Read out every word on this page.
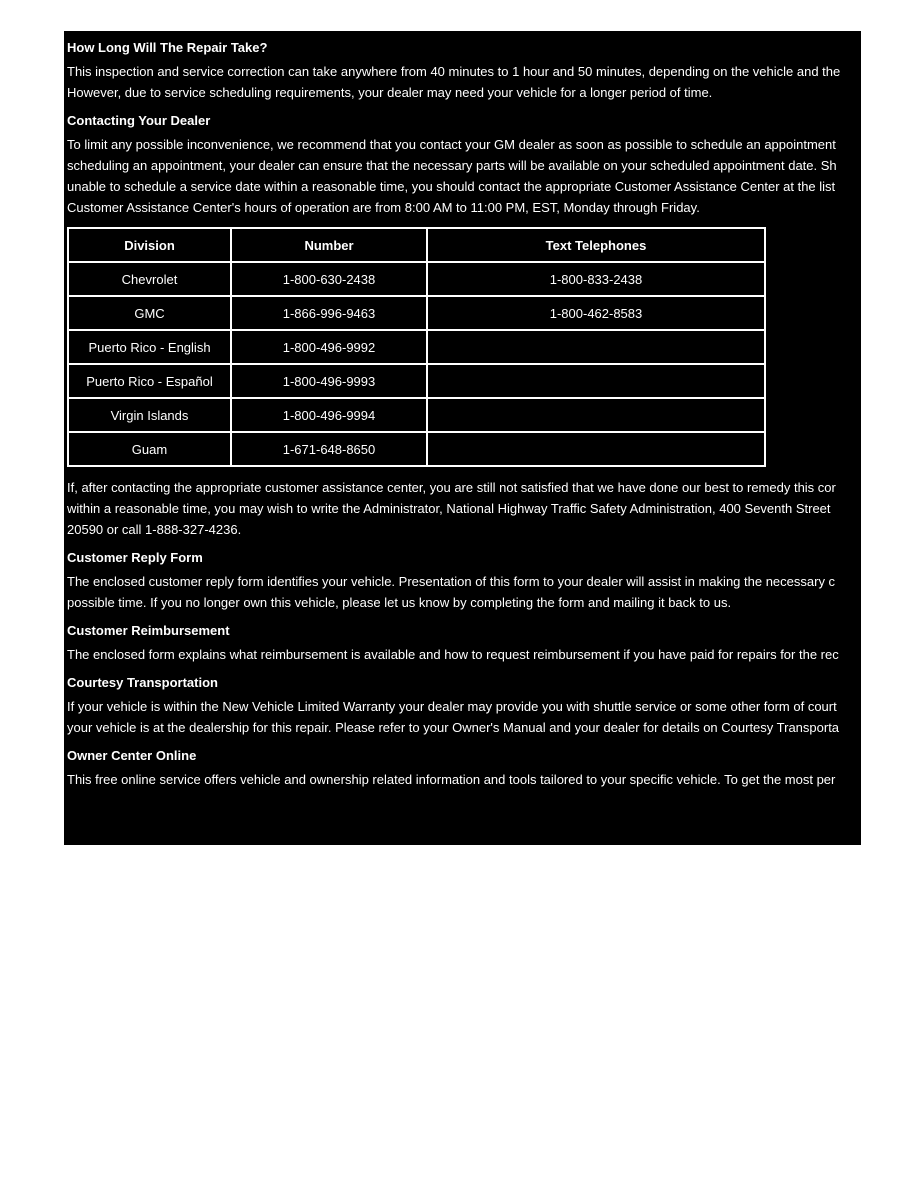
How Long Will The Repair Take?
This inspection and service correction can take anywhere from 40 minutes to 1 hour and 50 minutes, depending on the vehicle and the
However, due to service scheduling requirements, your dealer may need your vehicle for a longer period of time.
Contacting Your Dealer
To limit any possible inconvenience, we recommend that you contact your GM dealer as soon as possible to schedule an appointment
scheduling an appointment, your dealer can ensure that the necessary parts will be available on your scheduled appointment date. Sh
unable to schedule a service date within a reasonable time, you should contact the appropriate Customer Assistance Center at the list
Customer Assistance Center's hours of operation are from 8:00 AM to 11:00 PM, EST, Monday through Friday.
Division	Number	Text Telephones
Chevrolet	1-800-630-2438	1-800-833-2438
GMC	1-866-996-9463	1-800-462-8583
Puerto Rico - English	1-800-496-9992	
Puerto Rico - Español	1-800-496-9993	
Virgin Islands	1-800-496-9994	
Guam	1-671-648-8650	
If, after contacting the appropriate customer assistance center, you are still not satisfied that we have done our best to remedy this cor
within a reasonable time, you may wish to write the Administrator, National Highway Traffic Safety Administration, 400 Seventh Street
20590 or call 1-888-327-4236.
Customer Reply Form
The enclosed customer reply form identifies your vehicle. Presentation of this form to your dealer will assist in making the necessary c
possible time. If you no longer own this vehicle, please let us know by completing the form and mailing it back to us.
Customer Reimbursement
The enclosed form explains what reimbursement is available and how to request reimbursement if you have paid for repairs for the rec
Courtesy Transportation
If your vehicle is within the New Vehicle Limited Warranty your dealer may provide you with shuttle service or some other form of court
your vehicle is at the dealership for this repair. Please refer to your Owner's Manual and your dealer for details on Courtesy Transporta
Owner Center Online
This free online service offers vehicle and ownership related information and tools tailored to your specific vehicle. To get the most per
